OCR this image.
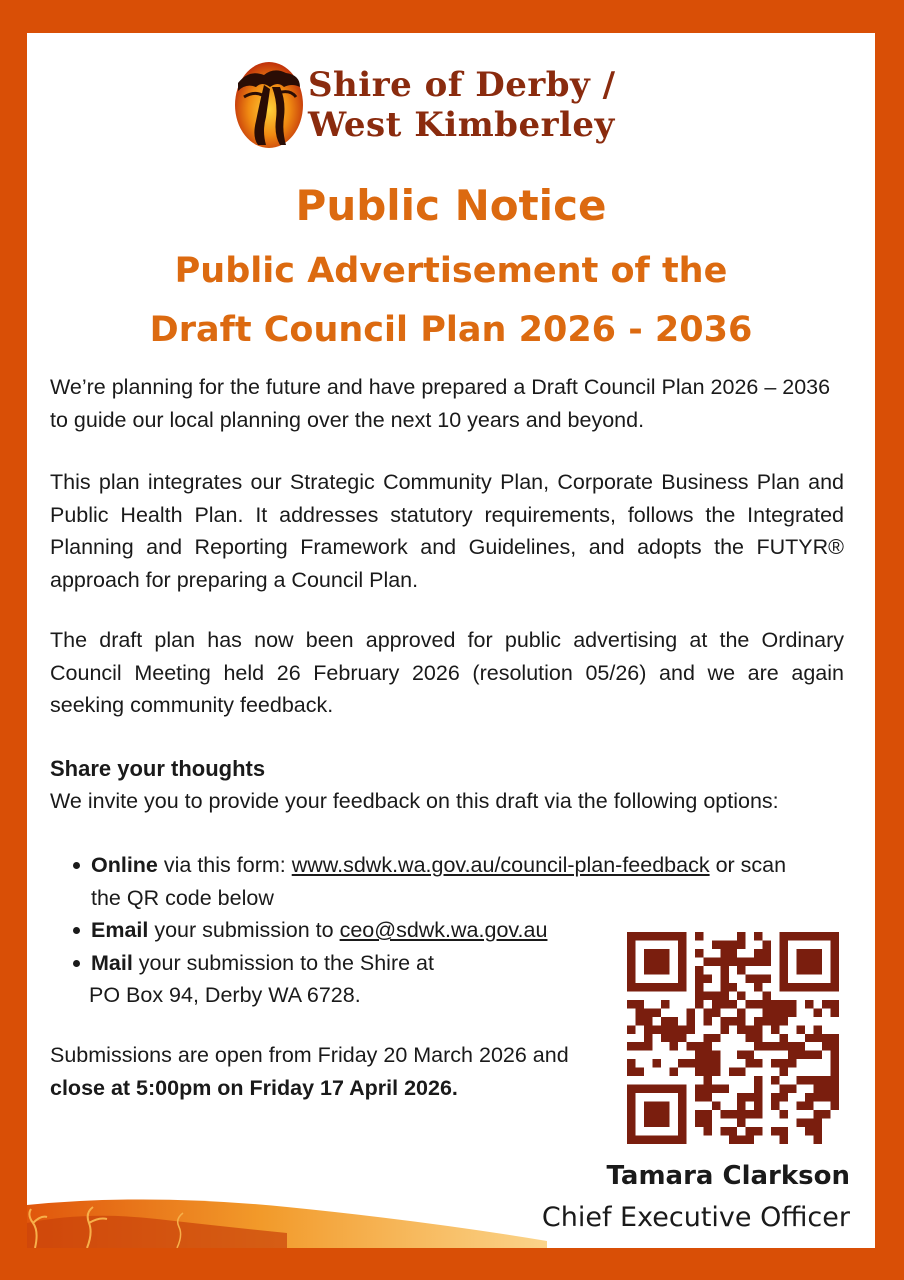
Shire of Derby /

West Kimberley

Public Notice
Public Advertisement of the
Draft Council Plan 2026 - 2036

We’re planning for the future and have prepared a Draft Council Plan 2026 – 2036 to guide our local planning over the next 10 years and beyond.

This plan integrates our Strategic Community Plan, Corporate Business Plan and Public Health Plan. It addresses statutory requirements, follows the Integrated Planning and Reporting Framework and Guidelines, and adopts the FUTYR® approach for preparing a Council Plan.

The draft plan has now been approved for public advertising at the Ordinary Council Meeting held 26 February 2026 (resolution 05/26) and we are again seeking community feedback.

Share your thoughts

We invite you to provide your feedback on this draft via the following options:

Online via this form: www.sdwk.wa.gov.au/council-plan-feedback or scan the QR code below
Email your submission to ceo@sdwk.wa.gov.au
Mail your submission to the Shire at
PO Box 94, Derby WA 6728.

Submissions are open from Friday 20 March 2026 and
close at 5:00pm on Friday 17 April 2026.

Tamara Clarkson

Chief Executive Officer
